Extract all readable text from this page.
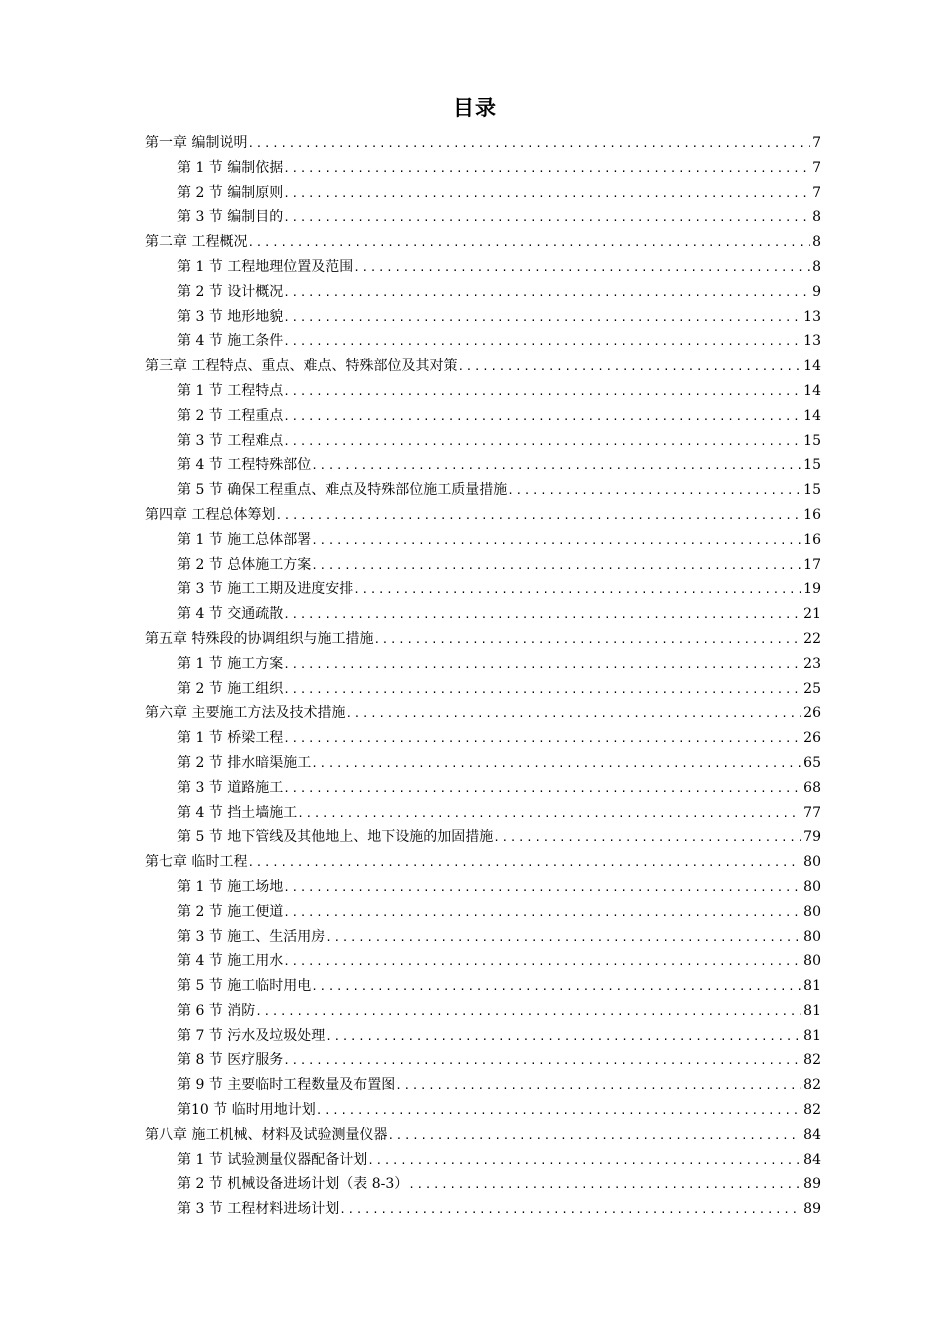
目录
第一章 编制说明 .....	7
第 1 节 编制依据 .....	7
第 2 节 编制原则 .....	7
第 3 节 编制目的 .....	8
第二章 工程概况 .....	8
第 1 节 工程地理位置及范围 .....	8
第 2 节 设计概况 .....	9
第 3 节 地形地貌 .....	13
第 4 节 施工条件 .....	13
第三章 工程特点、重点、难点、特殊部位及其对策 .....	14
第 1 节 工程特点 .....	14
第 2 节 工程重点 .....	14
第 3 节 工程难点 .....	15
第 4 节 工程特殊部位 .....	15
第 5 节 确保工程重点、难点及特殊部位施工质量措施 .....	15
第四章 工程总体筹划 .....	16
第 1 节 施工总体部署 .....	16
第 2 节 总体施工方案 .....	17
第 3 节 施工工期及进度安排 .....	19
第 4 节 交通疏散 .....	21
第五章 特殊段的协调组织与施工措施 .....	22
第 1 节 施工方案 .....	23
第 2 节 施工组织 .....	25
第六章 主要施工方法及技术措施 .....	26
第 1 节 桥梁工程 .....	26
第 2 节 排水暗渠施工 .....	65
第 3 节 道路施工 .....	68
第 4 节 挡土墙施工 .....	77
第 5 节 地下管线及其他地上、地下设施的加固措施 .....	79
第七章 临时工程 .....	80
第 1 节 施工场地 .....	80
第 2 节 施工便道 .....	80
第 3 节 施工、生活用房 .....	80
第 4 节 施工用水 .....	80
第 5 节 施工临时用电 .....	81
第 6 节 消防 .....	81
第 7 节 污水及垃圾处理 .....	81
第 8 节 医疗服务 .....	82
第 9 节 主要临时工程数量及布置图 .....	82
第10 节 临时用地计划 .....	82
第八章 施工机械、材料及试验测量仪器 .....	84
第 1 节 试验测量仪器配备计划 .....	84
第 2 节 机械设备进场计划（表 8-3） .....	89
第 3 节 工程材料进场计划 .....	89
